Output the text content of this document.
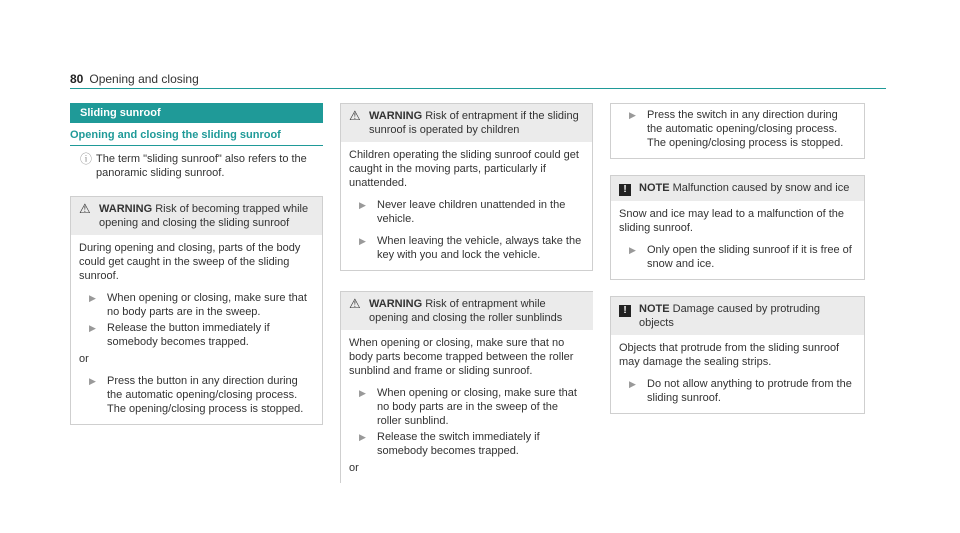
80 Opening and closing
Sliding sunroof
Opening and closing the sliding sunroof
ⓘ The term "sliding sunroof" also refers to the panoramic sliding sunroof.

⚠ WARNING Risk of becoming trapped while opening and closing the sliding sunroof

During opening and closing, parts of the body could get caught in the sweep of the sliding sunroof.

▶	When opening or closing, make sure that no body parts are in the sweep.

▶	Release the button immediately if somebody becomes trapped.

or

▶	Press the button in any direction during the automatic opening/closing process. The opening/closing process is stopped.

⚠ WARNING Risk of entrapment if the sliding sunroof is operated by children

Children operating the sliding sunroof could get caught in the moving parts, particularly if unattended.

▶	Never leave children unattended in the vehicle.

▶	When leaving the vehicle, always take the key with you and lock the vehicle.

⚠ WARNING Risk of entrapment while opening and closing the roller sunblinds

When opening or closing, make sure that no body parts become trapped between the roller sunblind and frame or sliding sunroof.

▶	When opening or closing, make sure that no body parts are in the sweep of the roller sunblind.

▶	Release the switch immediately if somebody becomes trapped.

or

▶	Press the switch in any direction during the automatic opening/closing process. The opening/closing process is stopped.

!	NOTE Malfunction caused by snow and ice

Snow and ice may lead to a malfunction of the sliding sunroof.

▶	Only open the sliding sunroof if it is free of snow and ice.

!	NOTE Damage caused by protruding objects

Objects that protrude from the sliding sunroof may damage the sealing strips.

▶	Do not allow anything to protrude from the sliding sunroof.
